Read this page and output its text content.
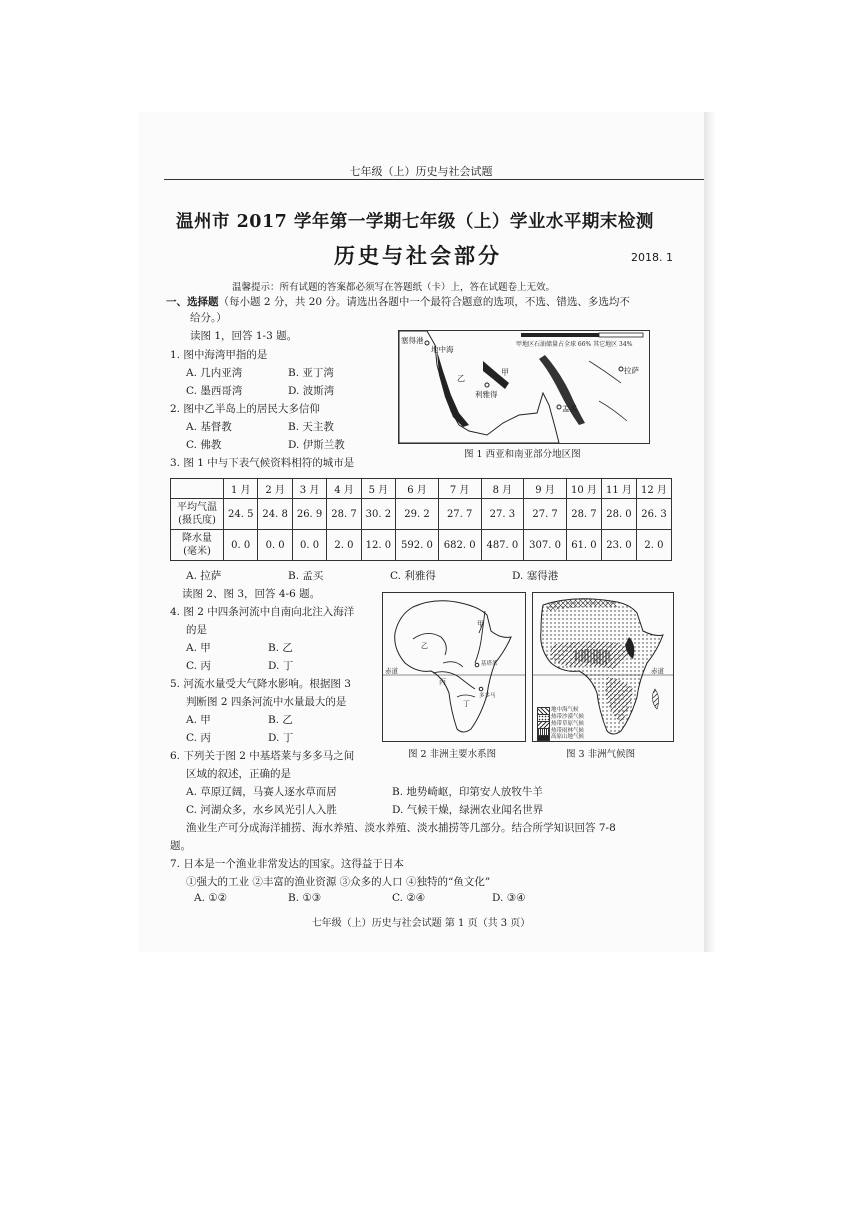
七年级（上）历史与社会试题
温州市 2017 学年第一学期七年级（上）学业水平期末检测
历史与社会部分	2018. 1
温馨提示：所有试题的答案都必须写在答题纸（卡）上，答在试题卷上无效。
一、选择题（每小题 2 分，共 20 分。请选出各题中一个最符合题意的选项，不选、错选、多选均不
给分。）
读图 1，回答 1-3 题。
1. 图中海湾甲指的是
A. 几内亚湾	B. 亚丁湾
C. 墨西哥湾	D. 波斯湾
2. 图中乙半岛上的居民大多信仰
A. 基督教	B. 天主教
C. 佛教	D. 伊斯兰教
3. 图 1 中与下表气候资料相符的城市是
甲地区石油储量占全球 66% 其它地区 34%
塞得港
地中海
乙
利雅得
甲	拉萨
孟买
图 1 西亚和南亚部分地区图
	1 月	2 月	3 月	4 月	5 月	6 月	7 月	8 月	9 月	10 月	11 月	12 月
平均气温
(摄氏度)	24. 5	24. 8	26. 9	28. 7	30. 2	29. 2	27. 7	27. 3	27. 7	28. 7	28. 0	26. 3
降水量
(毫米)	0. 0	0. 0	0. 0	2. 0	12. 0	592. 0	682. 0	487. 0	307. 0	61. 0	23. 0	2. 0
A. 拉萨	B. 孟买	C. 利雅得	D. 塞得港
读图 2、图 3，回答 4-6 题。
4. 图 2 中四条河流中自南向北注入海洋
的是
A. 甲	B. 乙
C. 丙	D. 丁
5. 河流水量受大气降水影响。根据图 3
判断图 2 四条河流中水量最大的是
A. 甲	B. 乙
C. 丙	D. 丁
6. 下列关于图 2 中基塔莱与多多马之间
区域的叙述，正确的是
A. 草原辽阔，马赛人逐水草而居	B. 地势崎岖，印第安人放牧牛羊
C. 河湖众多，水乡风光引人入胜	D. 气候干燥，绿洲农业闻名世界
赤道
甲
乙
丙
丁
基塔莱
多多马
图 2 非洲主要水系图
赤道
地中海气候
热带沙漠气候
热带草原气候
热带雨林气候
高原山地气候
图 3 非洲气候图
渔业生产可分成海洋捕捞、海水养殖、淡水养殖、淡水捕捞等几部分。结合所学知识回答 7-8
题。
7. 日本是一个渔业非常发达的国家。这得益于日本
①强大的工业 ②丰富的渔业资源 ③众多的人口 ④独特的“鱼文化”
A. ①②	B. ①③	C. ②④	D. ③④
七年级（上）历史与社会试题 第 1 页（共 3 页）
